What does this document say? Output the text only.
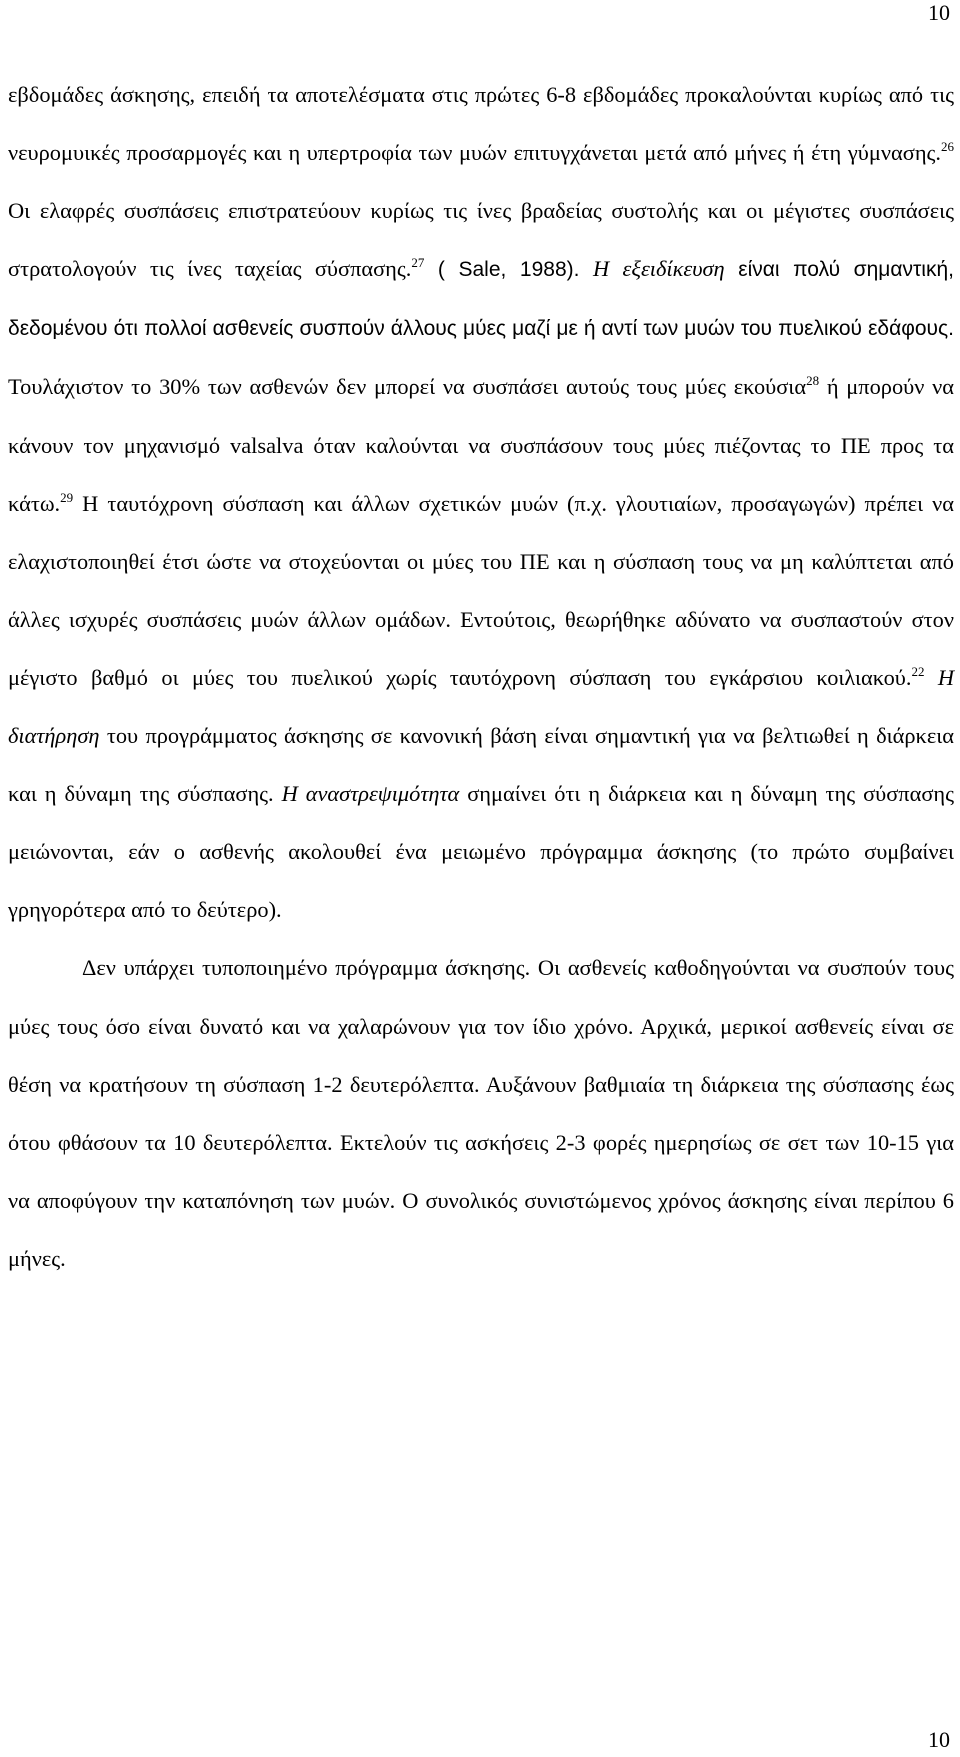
10

εβδομάδες άσκησης, επειδή τα αποτελέσματα στις πρώτες 6-8 εβδομάδες προκαλούνται κυρίως από τις νευρομυικές προσαρμογές και η υπερτροφία των μυών επιτυγχάνεται μετά από μήνες ή έτη γύμνασης.$^{26}$ Οι ελαφρές συσπάσεις επιστρατεύουν κυρίως τις ίνες βραδείας συστολής και οι μέγιστες συσπάσεις στρατολογούν τις ίνες ταχείας σύσπασης.$^{27}$ ( Sale, 1988). Η εξειδίκευση είναι πολύ σημαντική, δεδομένου ότι πολλοί ασθενείς συσπούν άλλους μύες μαζί με ή αντί των μυών του πυελικού εδάφους. Τουλάχιστον το 30% των ασθενών δεν μπορεί να συσπάσει αυτούς τους μύες εκούσια$^{28}$ ή μπορούν να κάνουν τον μηχανισμό valsalva όταν καλούνται να συσπάσουν τους μύες πιέζοντας το ΠΕ προς τα κάτω.$^{29}$ Η ταυτόχρονη σύσπαση και άλλων σχετικών μυών (π.χ. γλουτιαίων, προσαγωγών) πρέπει να ελαχιστοποιηθεί έτσι ώστε να στοχεύονται οι μύες του ΠΕ και η σύσπαση τους να μη καλύπτεται από άλλες ισχυρές συσπάσεις μυών άλλων ομάδων. Εντούτοις, θεωρήθηκε αδύνατο να συσπαστούν στον μέγιστο βαθμό οι μύες του πυελικού χωρίς ταυτόχρονη σύσπαση του εγκάρσιου κοιλιακού.$^{22}$ Η διατήρηση του προγράμματος άσκησης σε κανονική βάση είναι σημαντική για να βελτιωθεί η διάρκεια και η δύναμη της σύσπασης. Η αναστρεψιμότητα σημαίνει ότι η διάρκεια και η δύναμη της σύσπασης μειώνονται, εάν ο ασθενής ακολουθεί ένα μειωμένο πρόγραμμα άσκησης (το πρώτο συμβαίνει γρηγορότερα από το δεύτερο).

Δεν υπάρχει τυποποιημένο πρόγραμμα άσκησης. Οι ασθενείς καθοδηγούνται να συσπούν τους μύες τους όσο είναι δυνατό και να χαλαρώνουν για τον ίδιο χρόνο. Αρχικά, μερικοί ασθενείς είναι σε θέση να κρατήσουν τη σύσπαση 1-2 δευτερόλεπτα. Αυξάνουν βαθμιαία τη διάρκεια της σύσπασης έως ότου φθάσουν τα 10 δευτερόλεπτα. Εκτελούν τις ασκήσεις 2-3 φορές ημερησίως σε σετ των 10-15 για να αποφύγουν την καταπόνηση των μυών. Ο συνολικός συνιστώμενος χρόνος άσκησης είναι περίπου 6 μήνες.

10
